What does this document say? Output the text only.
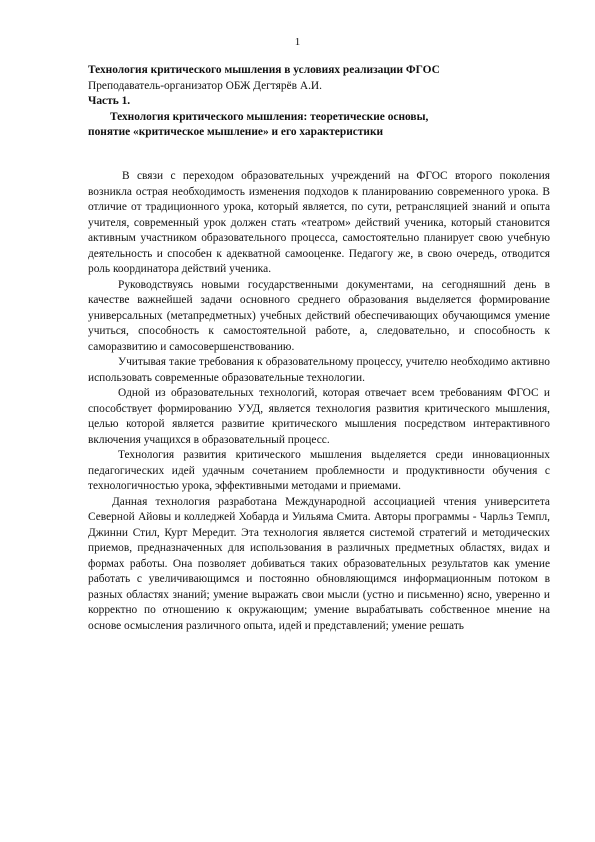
1
Технология критического мышления в условиях реализации ФГОС
Преподаватель-организатор ОБЖ Дегтярёв А.И.
Часть 1.
Технология критического мышления: теоретические основы,
понятие «критическое мышление» и его характеристики

В связи с переходом образовательных учреждений на ФГОС второго поколения возникла острая необходимость изменения подходов к планированию современного урока. В отличие от традиционного урока, который является, по сути, ретрансляцией знаний и опыта учителя, современный урок должен стать «театром» действий ученика, который становится активным участником образовательного процесса, самостоятельно планирует свою учебную деятельность и способен к адекватной самооценке. Педагогу же, в свою очередь, отводится роль координатора действий ученика.

Руководствуясь новыми государственными документами, на сегодняшний день в качестве важнейшей задачи основного среднего образования выделяется формирование универсальных (метапредметных) учебных действий обеспечивающих обучающимся умение учиться, способность к самостоятельной работе, а, следовательно, и способность к саморазвитию и самосовершенствованию.

Учитывая такие требования к образовательному процессу, учителю необходимо активно использовать современные образовательные технологии.

Одной из образовательных технологий, которая отвечает всем требованиям ФГОС и способствует формированию УУД, является технология развития критического мышления, целью которой является развитие критического мышления посредством интерактивного включения учащихся в образовательный процесс.

Технология развития критического мышления выделяется среди инновационных педагогических идей удачным сочетанием проблемности и продуктивности обучения с технологичностью урока, эффективными методами и приемами.

Данная технология разработана Международной ассоциацией чтения университета Северной Айовы и колледжей Хобарда и Уильяма Смита. Авторы программы - Чарльз Темпл, Джинни Стил, Курт Мередит. Эта технология является системой стратегий и методических приемов, предназначенных для использования в различных предметных областях, видах и формах работы. Она позволяет добиваться таких образовательных результатов как умение работать с увеличивающимся и постоянно обновляющимся информационным потоком в разных областях знаний; умение выражать свои мысли (устно и письменно) ясно, уверенно и корректно по отношению к окружающим; умение вырабатывать собственное мнение на основе осмысления различного опыта, идей и представлений; умение решать
